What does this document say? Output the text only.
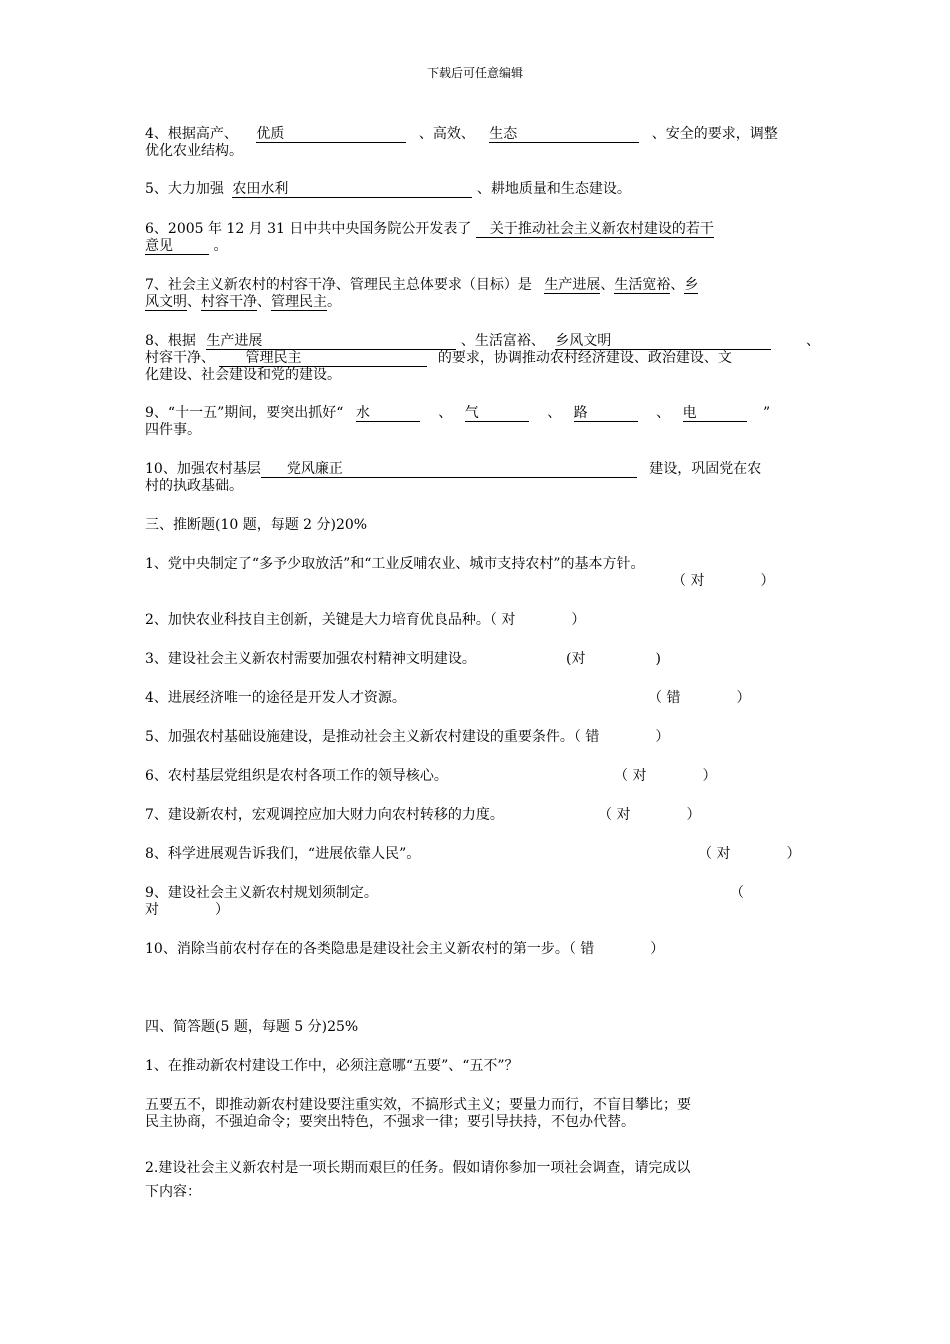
下载后可任意编辑
4、根据高产、 优质	、高效、 生态	、安全的要求，调整
优化农业结构。
5、大力加强 农田水利	、耕地质量和生态建设。
6、2005 年 12 月 31 日中共中央国务院公开发表了 关于推动社会主义新农村建设的若干
意见	。
7、社会主义新农村的村容干净、管理民主总体要求（目标）是 生产进展、生活宽裕、乡
风文明、村容干净、管理民主。
8、根据 生产进展	、生活富裕、 乡风文明	、
村容干净、 管理民主	的要求，协调推动农村经济建设、政治建设、文
化建设、社会建设和党的建设。
9、“十一五”期间，要突出抓好“ 水	、 气	、 路	、 电	”
四件事。
10、加强农村基层 党风廉正	建设，巩固党在农
村的执政基础。
三、推断题(10 题，每题 2 分)20%
1、党中央制定了“多予少取放活”和“工业反哺农业、城市支持农村”的基本方针。
（ 对　　　　）
2、加快农业科技自主创新，关键是大力培育优良品种。（ 对　　　　）
3、建设社会主义新农村需要加强农村精神文明建设。	(对　　　　　)
4、进展经济唯一的途径是开发人才资源。	（ 错　　　　）
5、加强农村基础设施建设，是推动社会主义新农村建设的重要条件。（ 错　　　　）
6、农村基层党组织是农村各项工作的领导核心。	（ 对　　　　）
7、建设新农村，宏观调控应加大财力向农村转移的力度。	（ 对　　　　）
8、科学进展观告诉我们，“进展依靠人民”。	（ 对　　　　）
9、建设社会主义新农村规划须制定。	（
对　　　　）
10、消除当前农村存在的各类隐患是建设社会主义新农村的第一步。（ 错　　　　）
四、简答题(5 题，每题 5 分)25%
1、在推动新农村建设工作中，必须注意哪“五要”、“五不”？
五要五不，即推动新农村建设要注重实效，不搞形式主义；要量力而行，不盲目攀比；要
民主协商，不强迫命令；要突出特色，不强求一律；要引导扶持，不包办代替。
2.建设社会主义新农村是一项长期而艰巨的任务。假如请你参加一项社会调查，请完成以
下内容：
